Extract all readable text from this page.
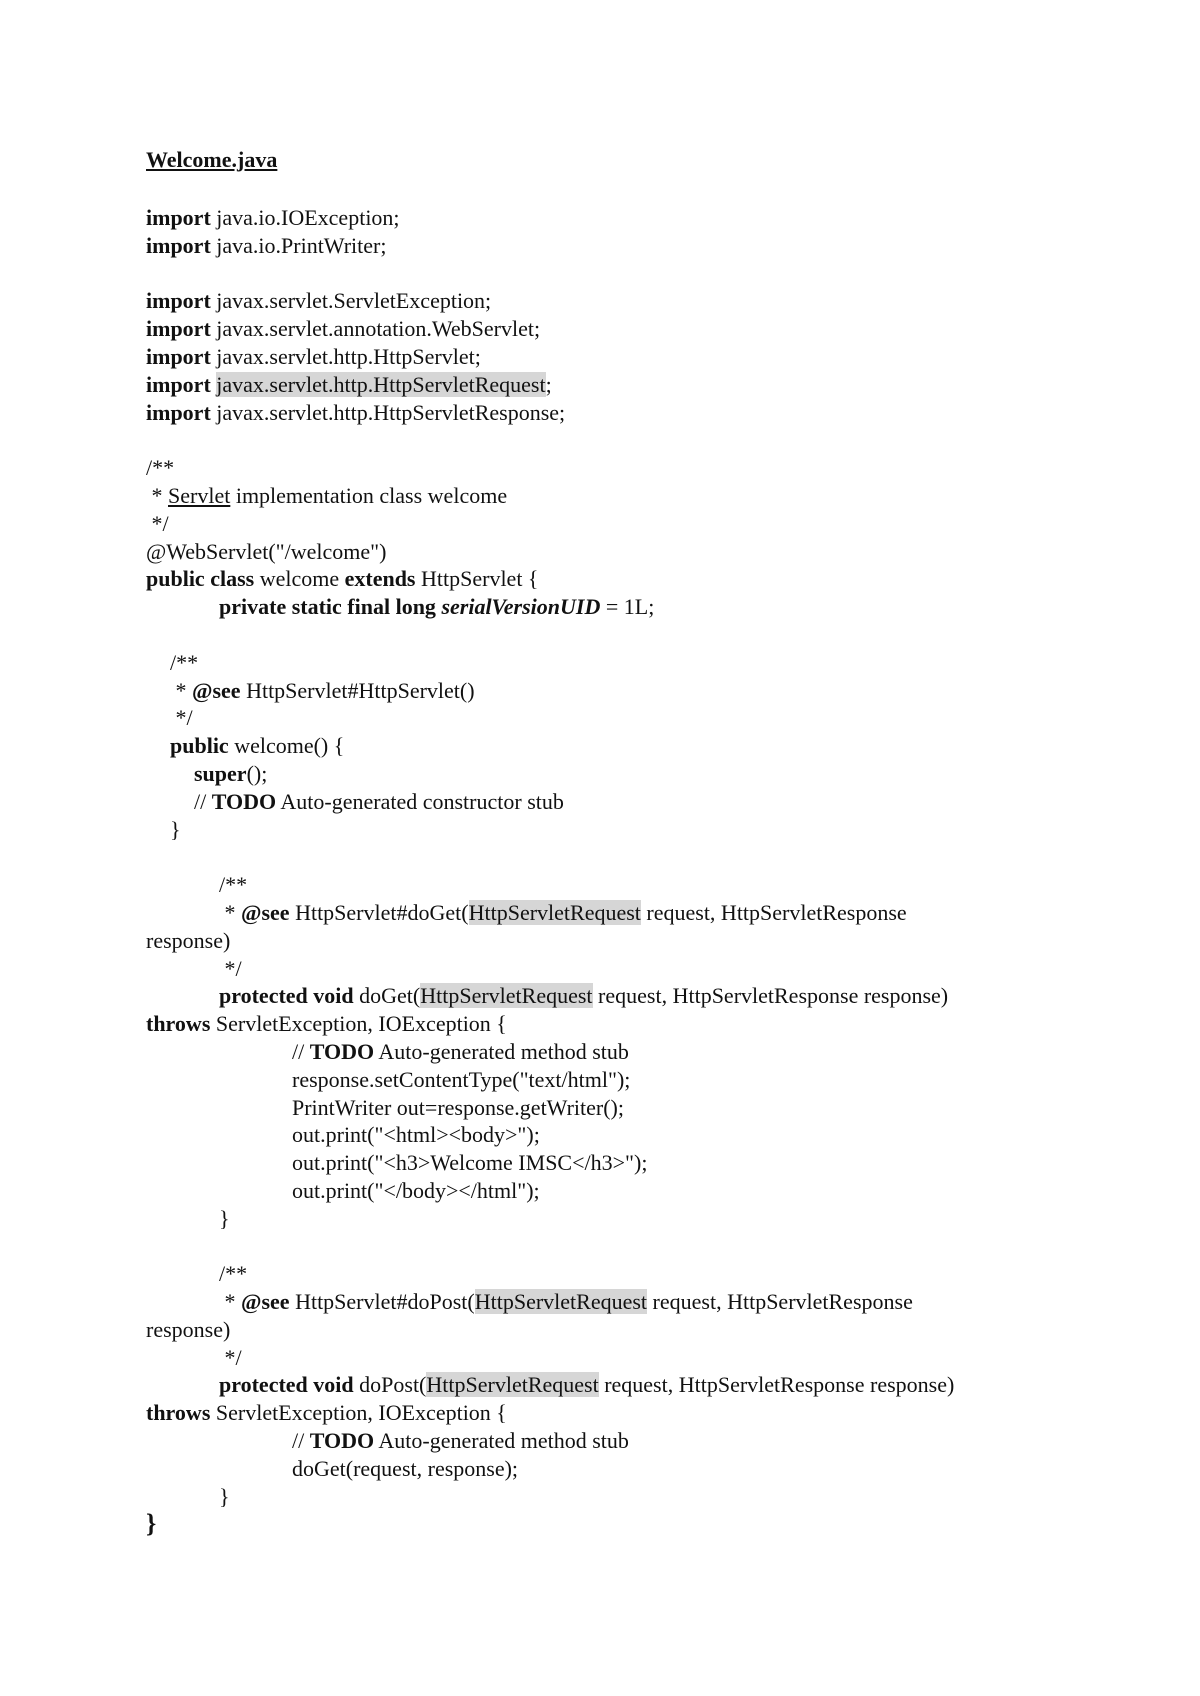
Welcome.java
import java.io.IOException;
import java.io.PrintWriter;
import javax.servlet.ServletException;
import javax.servlet.annotation.WebServlet;
import javax.servlet.http.HttpServlet;
import javax.servlet.http.HttpServletRequest;
import javax.servlet.http.HttpServletResponse;
/**
* Servlet implementation class welcome
*/
@WebServlet("/welcome")
public class welcome extends HttpServlet {
private static final long serialVersionUID = 1L;
/**
* @see HttpServlet#HttpServlet()
*/
public welcome() {
super();
// TODO Auto-generated constructor stub
}
/**
* @see HttpServlet#doGet(HttpServletRequest request, HttpServletResponse
response)
*/
protected void doGet(HttpServletRequest request, HttpServletResponse response)
throws ServletException, IOException {
// TODO Auto-generated method stub
response.setContentType("text/html");
PrintWriter out=response.getWriter();
out.print("<html><body>");
out.print("<h3>Welcome IMSC</h3>");
out.print("</body></html");
}
/**
* @see HttpServlet#doPost(HttpServletRequest request, HttpServletResponse
response)
*/
protected void doPost(HttpServletRequest request, HttpServletResponse response)
throws ServletException, IOException {
// TODO Auto-generated method stub
doGet(request, response);
}
}
